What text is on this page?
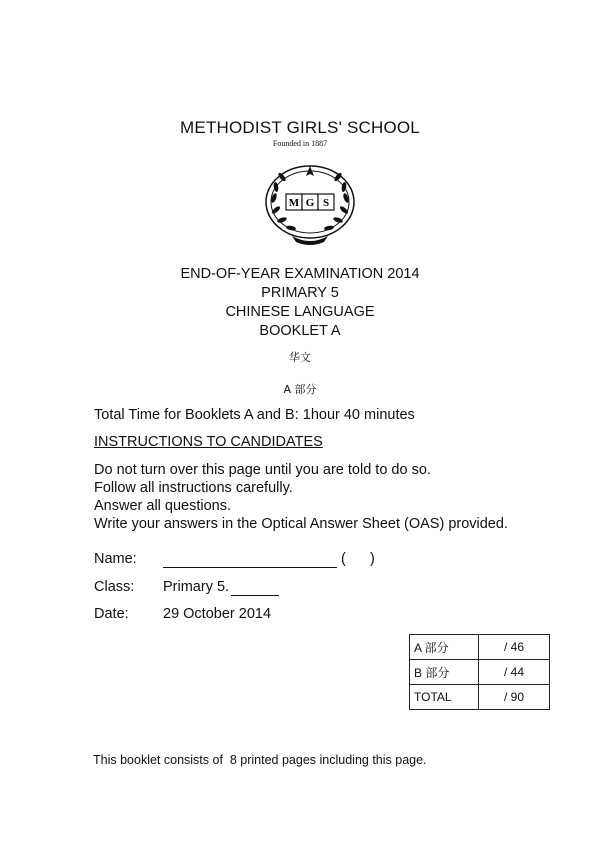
METHODIST GIRLS' SCHOOL
Founded in 1887
M G S
END-OF-YEAR EXAMINATION 2014
PRIMARY 5
CHINESE LANGUAGE
BOOKLET A
华文
A 部分
Total Time for Booklets A and B: 1hour 40 minutes
INSTRUCTIONS TO CANDIDATES
Do not turn over this page until you are told to do so.
Follow all instructions carefully.
Answer all questions.
Write your answers in the Optical Answer Sheet (OAS) provided.
Name:	(      )
Class: Primary 5.
Date: 29 October 2014
A 部分	/ 46
B 部分	/ 44
TOTAL	/ 90
This booklet consists of  8 printed pages including this page.
